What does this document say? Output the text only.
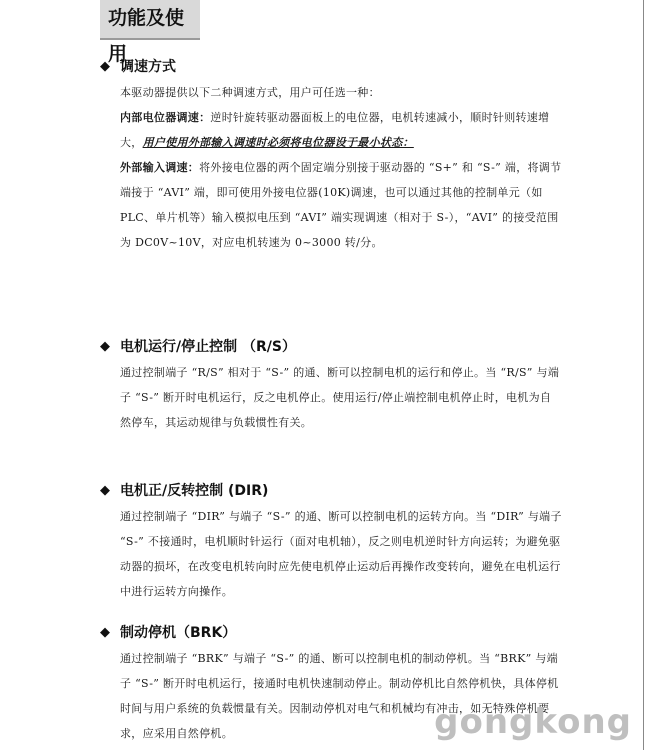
功能及使用
◆ 调速方式

本驱动器提供以下二种调速方式，用户可任选一种：

内部电位器调速：逆时针旋转驱动器面板上的电位器，电机转速减小，顺时针则转速增大，用户使用外部输入调速时必须将电位器设于最小状态：

外部输入调速：将外接电位器的两个固定端分别接于驱动器的 “S+” 和 “S-” 端，将调节端接于 “AVI” 端，即可使用外接电位器(10K)调速，也可以通过其他的控制单元（如 PLC、单片机等）输入模拟电压到 “AVI” 端实现调速（相对于 S-），“AVI” 的接受范围为 DC0V~10V，对应电机转速为 0~3000 转/分。

◆ 电机运行/停止控制 （R/S）

通过控制端子 “R/S” 相对于 “S-” 的通、断可以控制电机的运行和停止。当 “R/S” 与端子 “S-” 断开时电机运行，反之电机停止。使用运行/停止端控制电机停止时，电机为自然停车，其运动规律与负载惯性有关。

◆ 电机正/反转控制 (DIR)

通过控制端子 “DIR” 与端子 “S-” 的通、断可以控制电机的运转方向。当 “DIR” 与端子 “S-” 不接通时，电机顺时针运行（面对电机轴），反之则电机逆时针方向运转；为避免驱动器的损坏，在改变电机转向时应先使电机停止运动后再操作改变转向，避免在电机运行中进行运转方向操作。

◆ 制动停机（BRK）

通过控制端子 “BRK” 与端子 “S-” 的通、断可以控制电机的制动停机。当 “BRK” 与端子 “S-” 断开时电机运行，接通时电机快速制动停止。制动停机比自然停机快，具体停机时间与用户系统的负载惯量有关。因制动停机对电气和机械均有冲击，如无特殊停机要求，应采用自然停机。	gongkong
